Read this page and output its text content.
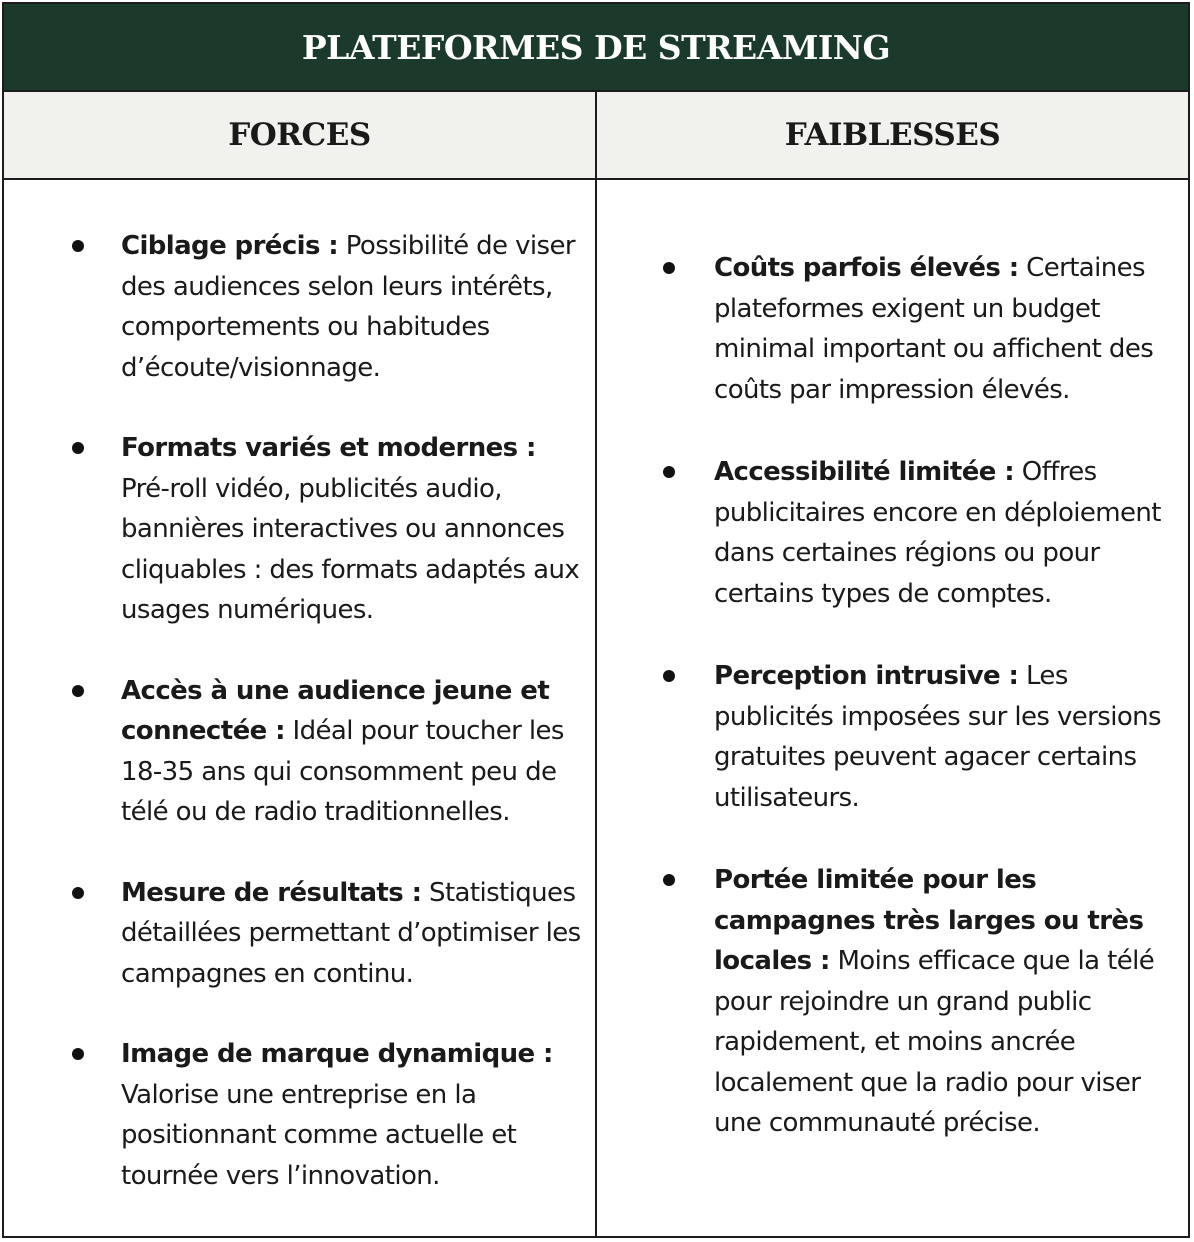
PLATEFORMES DE STREAMING
FORCES	FAIBLESSES
Ciblage précis : Possibilité de viser des audiences selon leurs intérêts, comportements ou habitudes d’écoute/visionnage.
Formats variés et modernes : Pré-roll vidéo, publicités audio, bannières interactives ou annonces cliquables : des formats adaptés aux usages numériques.
Accès à une audience jeune et connectée : Idéal pour toucher les 18-35 ans qui consomment peu de télé ou de radio traditionnelles.
Mesure de résultats : Statistiques détaillées permettant d’optimiser les campagnes en continu.
Image de marque dynamique : Valorise une entreprise en la positionnant comme actuelle et tournée vers l’innovation.
Coûts parfois élevés : Certaines plateformes exigent un budget minimal important ou affichent des coûts par impression élevés.
Accessibilité limitée : Offres publicitaires encore en déploiement dans certaines régions ou pour certains types de comptes.
Perception intrusive : Les publicités imposées sur les versions gratuites peuvent agacer certains utilisateurs.
Portée limitée pour les campagnes très larges ou très locales : Moins efficace que la télé pour rejoindre un grand public rapidement, et moins ancrée localement que la radio pour viser une communauté précise.
